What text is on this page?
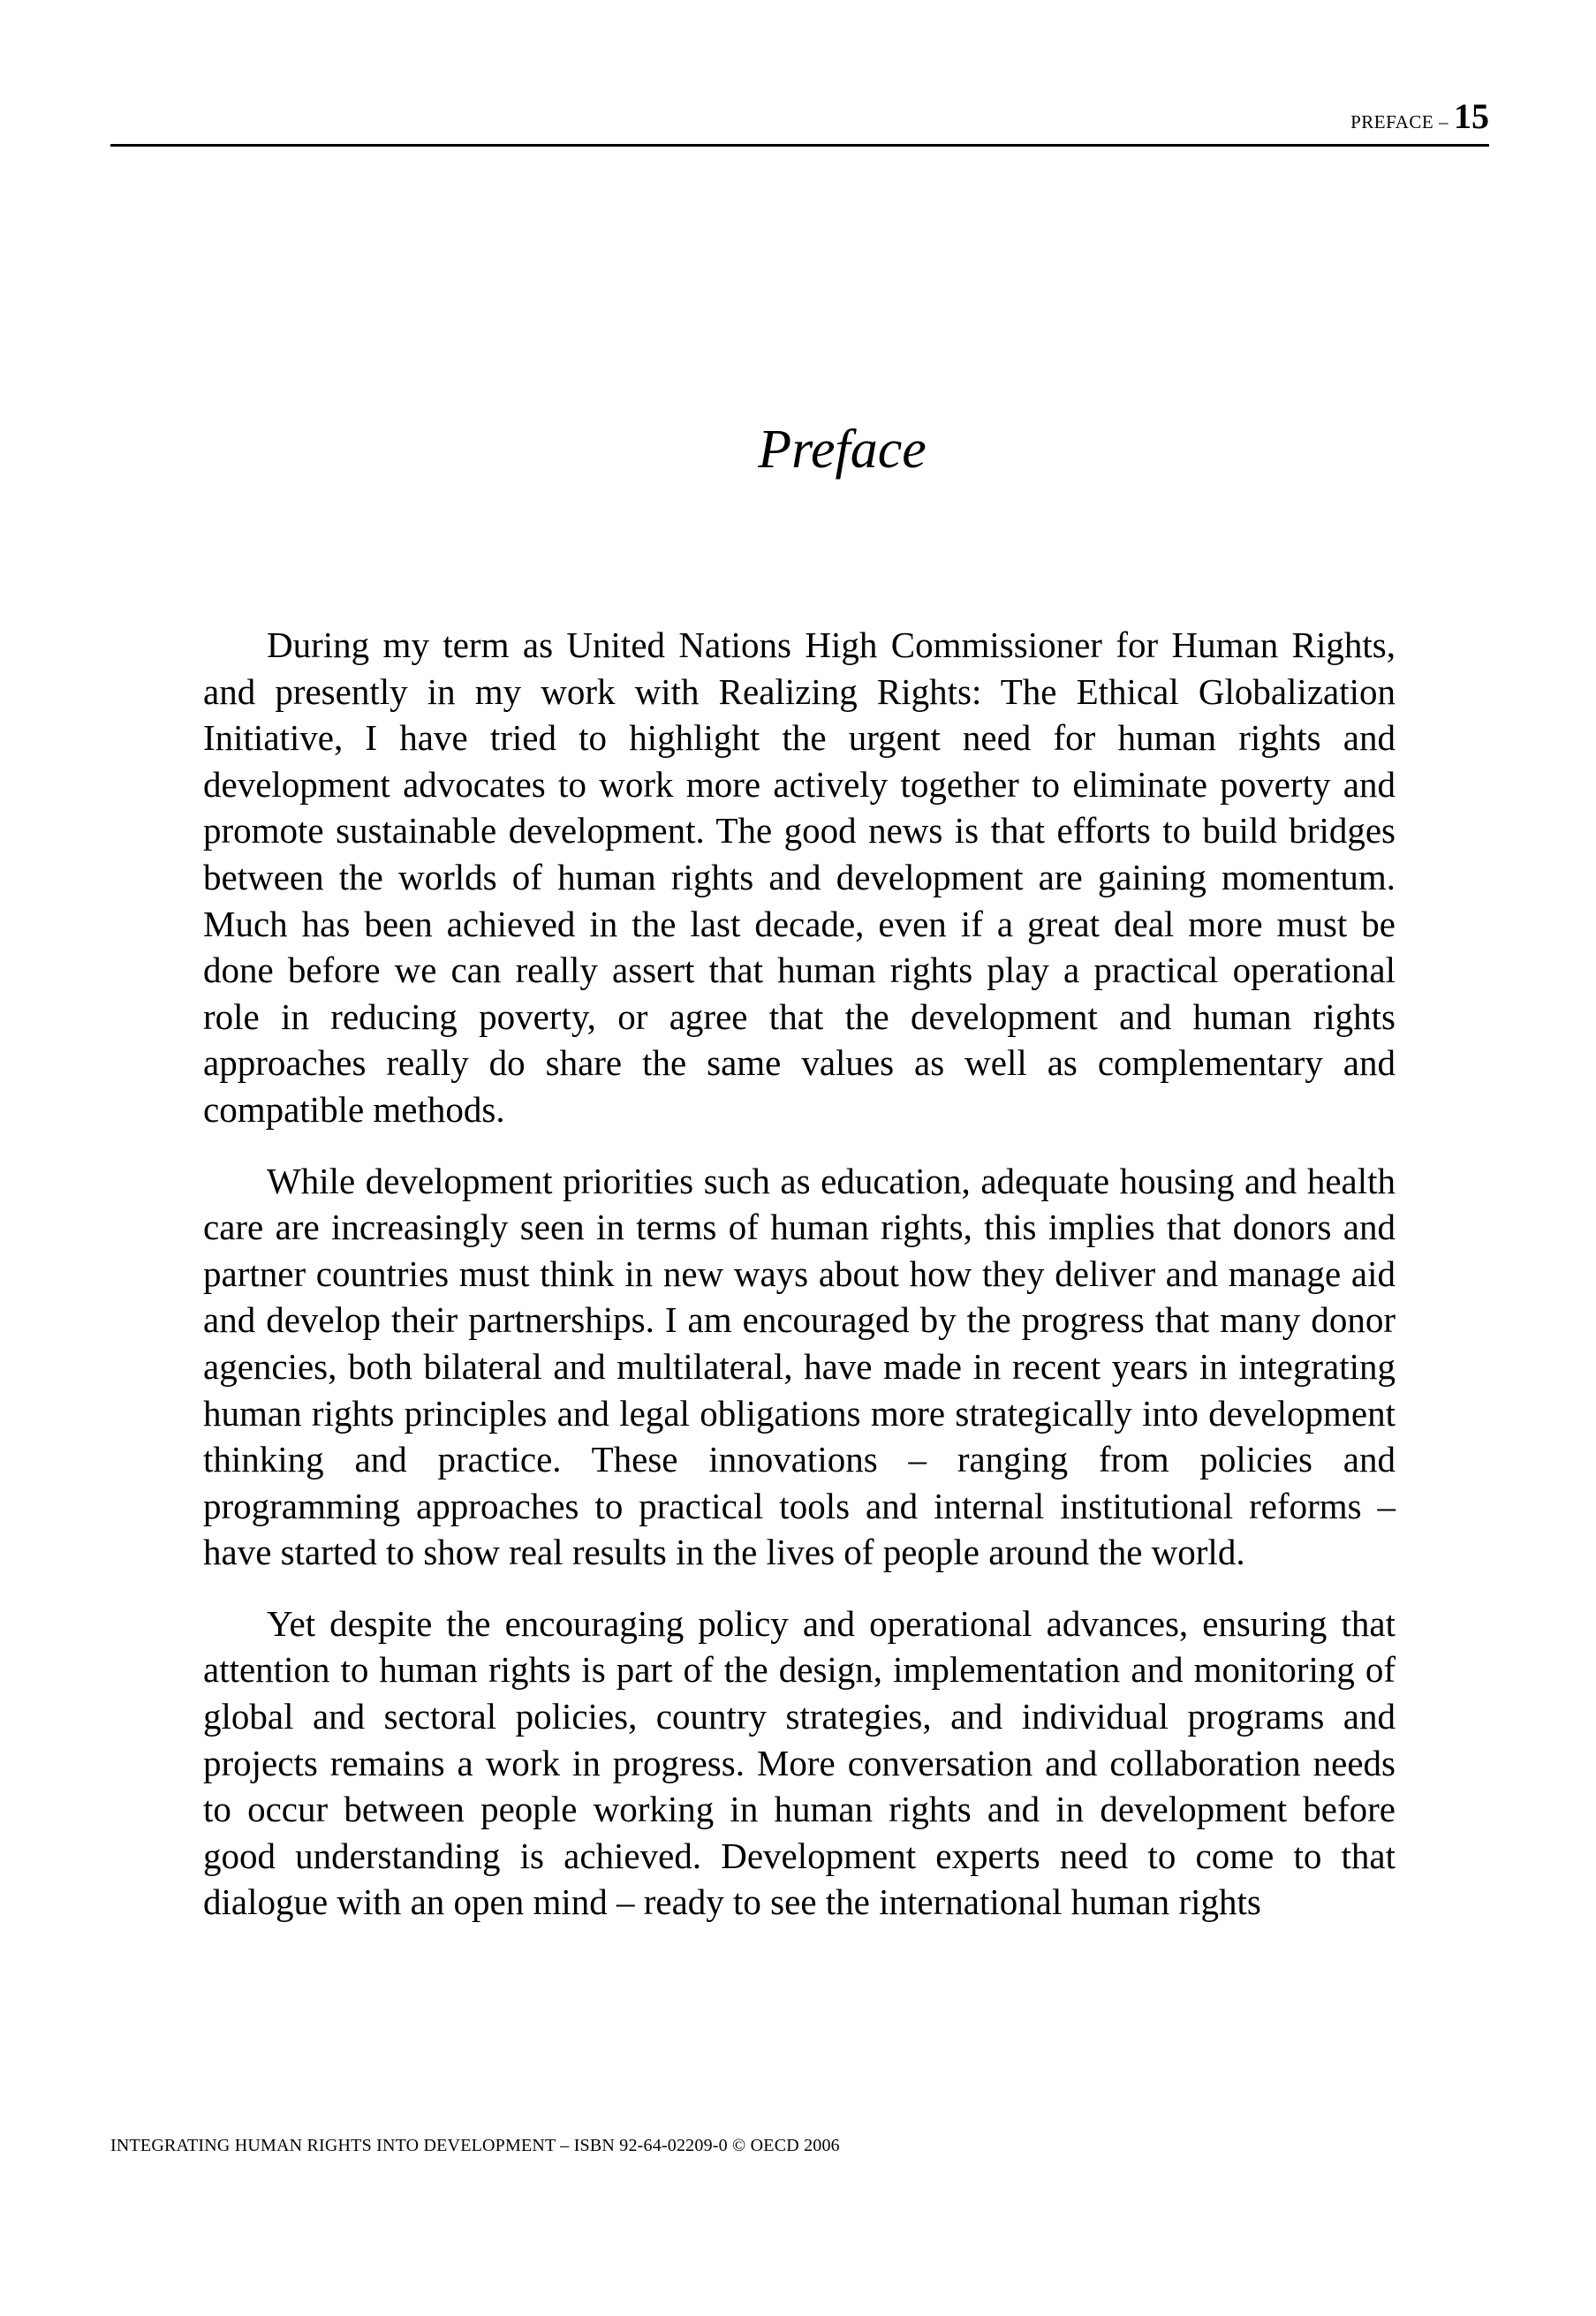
PREFACE – 15
Preface

During my term as United Nations High Commissioner for Human Rights, and presently in my work with Realizing Rights: The Ethical Globalization Initiative, I have tried to highlight the urgent need for human rights and development advocates to work more actively together to eliminate poverty and promote sustainable development. The good news is that efforts to build bridges between the worlds of human rights and development are gaining momentum. Much has been achieved in the last decade, even if a great deal more must be done before we can really assert that human rights play a practical operational role in reducing poverty, or agree that the development and human rights approaches really do share the same values as well as complementary and compatible methods.

While development priorities such as education, adequate housing and health care are increasingly seen in terms of human rights, this implies that donors and partner countries must think in new ways about how they deliver and manage aid and develop their partnerships. I am encouraged by the progress that many donor agencies, both bilateral and multilateral, have made in recent years in integrating human rights principles and legal obligations more strategically into development thinking and practice. These innovations – ranging from policies and programming approaches to practical tools and internal institutional reforms – have started to show real results in the lives of people around the world.

Yet despite the encouraging policy and operational advances, ensuring that attention to human rights is part of the design, implementation and monitoring of global and sectoral policies, country strategies, and individual programs and projects remains a work in progress. More conversation and collaboration needs to occur between people working in human rights and in development before good understanding is achieved. Development experts need to come to that dialogue with an open mind – ready to see the international human rights

INTEGRATING HUMAN RIGHTS INTO DEVELOPMENT – ISBN 92-64-02209-0 © OECD 2006
